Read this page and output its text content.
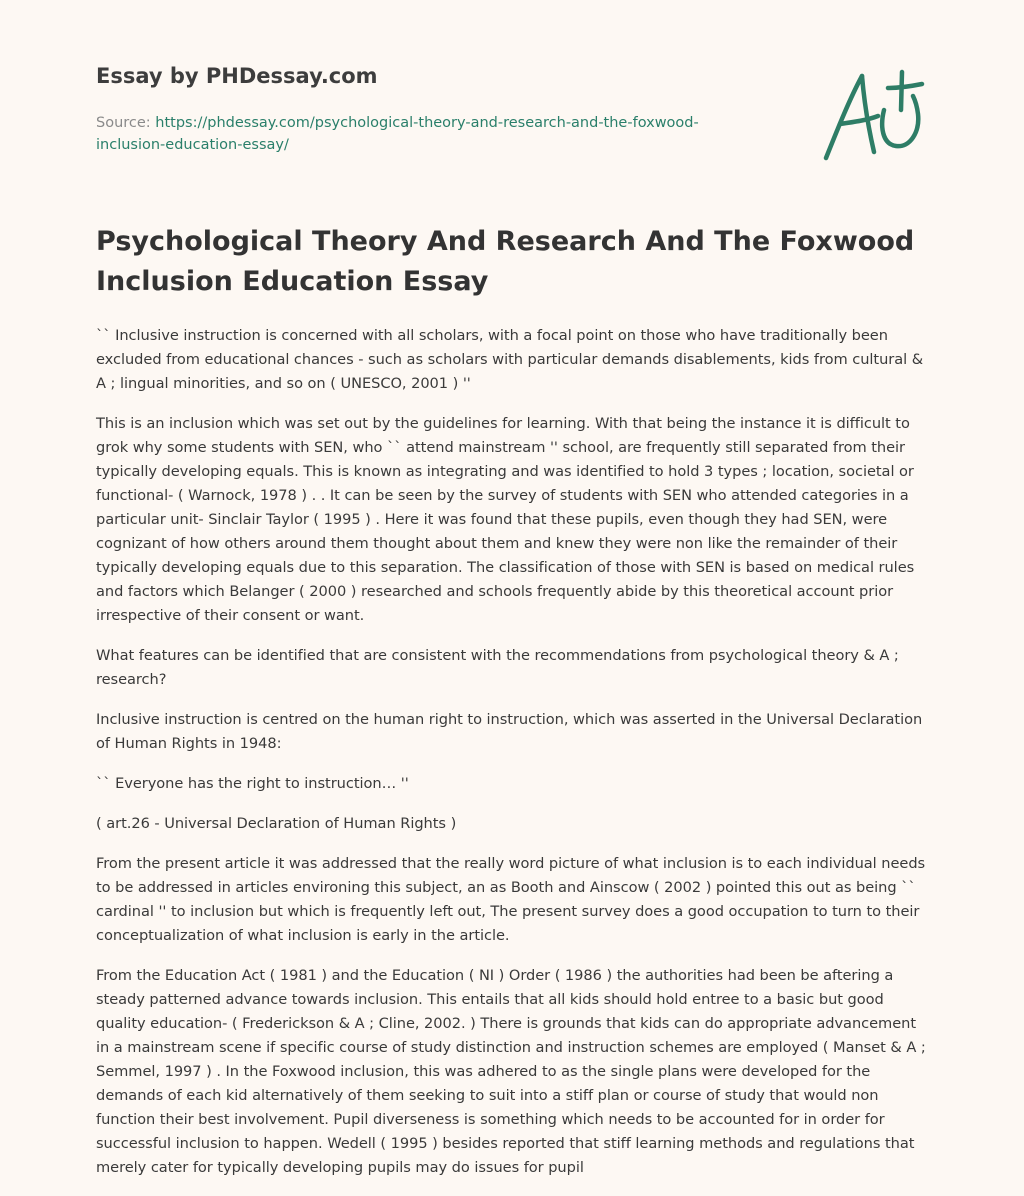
Essay by PHDessay.com
Source: https://phdessay.com/psychological-theory-and-research-and-the-foxwood-inclusion-education-essay/
Psychological Theory And Research And The Foxwood Inclusion Education Essay

`` Inclusive instruction is concerned with all scholars, with a focal point on those who have traditionally been excluded from educational chances - such as scholars with particular demands disablements, kids from cultural & A ; lingual minorities, and so on ( UNESCO, 2001 ) ''

This is an inclusion which was set out by the guidelines for learning. With that being the instance it is difficult to grok why some students with SEN, who `` attend mainstream '' school, are frequently still separated from their typically developing equals. This is known as integrating and was identified to hold 3 types ; location, societal or functional- ( Warnock, 1978 ) . . It can be seen by the survey of students with SEN who attended categories in a particular unit- Sinclair Taylor ( 1995 ) . Here it was found that these pupils, even though they had SEN, were cognizant of how others around them thought about them and knew they were non like the remainder of their typically developing equals due to this separation. The classification of those with SEN is based on medical rules and factors which Belanger ( 2000 ) researched and schools frequently abide by this theoretical account prior irrespective of their consent or want.

What features can be identified that are consistent with the recommendations from psychological theory & A ; research?

Inclusive instruction is centred on the human right to instruction, which was asserted in the Universal Declaration of Human Rights in 1948:

`` Everyone has the right to instruction… ''

( art.26 - Universal Declaration of Human Rights )

From the present article it was addressed that the really word picture of what inclusion is to each individual needs to be addressed in articles environing this subject, an as Booth and Ainscow ( 2002 ) pointed this out as being `` cardinal '' to inclusion but which is frequently left out, The present survey does a good occupation to turn to their conceptualization of what inclusion is early in the article.

From the Education Act ( 1981 ) and the Education ( NI ) Order ( 1986 ) the authorities had been be aftering a steady patterned advance towards inclusion. This entails that all kids should hold entree to a basic but good quality education- ( Frederickson & A ; Cline, 2002. ) There is grounds that kids can do appropriate advancement in a mainstream scene if specific course of study distinction and instruction schemes are employed ( Manset & A ; Semmel, 1997 ) . In the Foxwood inclusion, this was adhered to as the single plans were developed for the demands of each kid alternatively of them seeking to suit into a stiff plan or course of study that would non function their best involvement. Pupil diverseness is something which needs to be accounted for in order for successful inclusion to happen. Wedell ( 1995 ) besides reported that stiff learning methods and regulations that merely cater for typically developing pupils may do issues for pupil
